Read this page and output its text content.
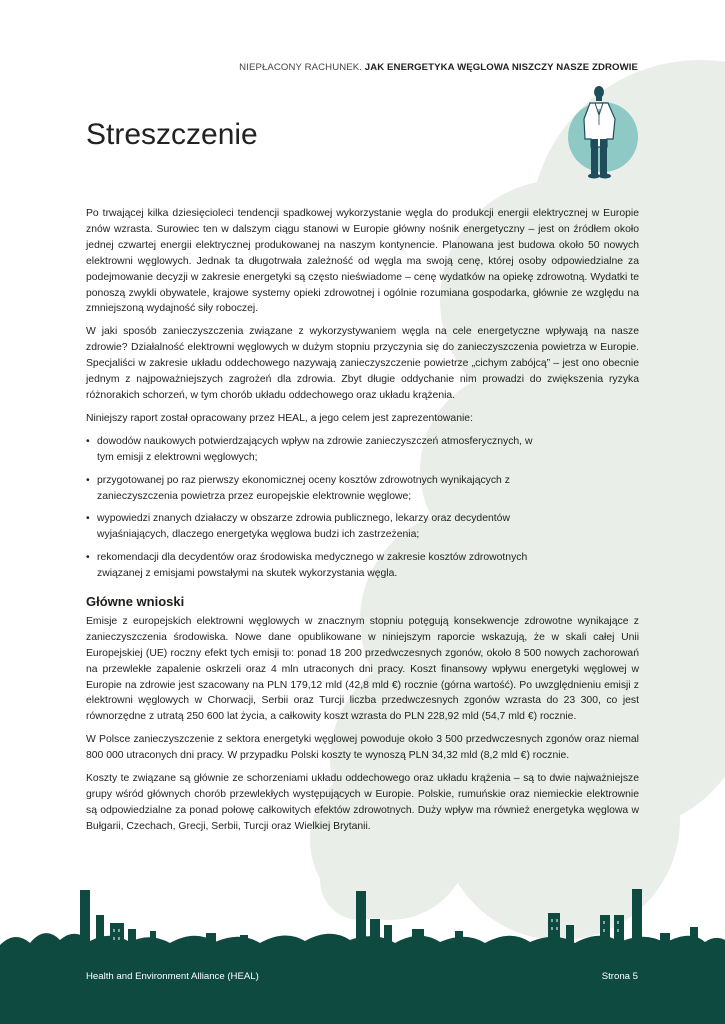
NIEPŁACONY RACHUNEK. JAK ENERGETYKA WĘGLOWA NISZCZY NASZE ZDROWIE
Streszczenie

Po trwającej kilka dziesięcioleci tendencji spadkowej wykorzystanie węgla do produkcji energii elektrycznej w Europie znów wzrasta. Surowiec ten w dalszym ciągu stanowi w Europie główny nośnik energetyczny – jest on źródłem około jednej czwartej energii elektrycznej produkowanej na naszym kontynencie. Planowana jest budowa około 50 nowych elektrowni węglowych. Jednak ta długotrwała zależność od węgla ma swoją cenę, której osoby odpowiedzialne za podejmowanie decyzji w zakresie energetyki są często nieświadome – cenę wydatków na opiekę zdrowotną. Wydatki te ponoszą zwykli obywatele, krajowe systemy opieki zdrowotnej i ogólnie rozumiana gospodarka, głównie ze względu na zmniejszoną wydajność siły roboczej.

W jaki sposób zanieczyszczenia związane z wykorzystywaniem węgla na cele energetyczne wpływają na nasze zdrowie? Działalność elektrowni węglowych w dużym stopniu przyczynia się do zanieczyszczenia powietrza w Europie. Specjaliści w zakresie układu oddechowego nazywają zanieczyszczenie powietrze „cichym zabójcą” – jest ono obecnie jednym z najpoważniejszych zagrożeń dla zdrowia. Zbyt długie oddychanie nim prowadzi do zwiększenia ryzyka różnorakich schorzeń, w tym chorób układu oddechowego oraz układu krążenia.

Niniejszy raport został opracowany przez HEAL, a jego celem jest zaprezentowanie:

• dowodów naukowych potwierdzających wpływ na zdrowie zanieczyszczeń atmosferycznych, w tym emisji z elektrowni węglowych;
• przygotowanej po raz pierwszy ekonomicznej oceny kosztów zdrowotnych wynikających z zanieczyszczenia powietrza przez europejskie elektrownie węglowe;
• wypowiedzi znanych działaczy w obszarze zdrowia publicznego, lekarzy oraz decydentów wyjaśniających, dlaczego energetyka węglowa budzi ich zastrzeżenia;
• rekomendacji dla decydentów oraz środowiska medycznego w zakresie kosztów zdrowotnych związanej z emisjami powstałymi na skutek wykorzystania węgla.
Główne wnioski

Emisje z europejskich elektrowni węglowych w znacznym stopniu potęgują konsekwencje zdrowotne wynikające z zanieczyszczenia środowiska. Nowe dane opublikowane w niniejszym raporcie wskazują, że w skali całej Unii Europejskiej (UE) roczny efekt tych emisji to: ponad 18 200 przedwczesnych zgonów, około 8 500 nowych zachorowań na przewlekłe zapalenie oskrzeli oraz 4 mln utraconych dni pracy. Koszt finansowy wpływu energetyki węglowej w Europie na zdrowie jest szacowany na PLN 179,12 mld (42,8 mld €) rocznie (górna wartość). Po uwzględnieniu emisji z elektrowni węglowych w Chorwacji, Serbii oraz Turcji liczba przedwczesnych zgonów wzrasta do 23 300, co jest równorzędne z utratą 250 600 lat życia, a całkowity koszt wzrasta do PLN 228,92 mld (54,7 mld €) rocznie.

W Polsce zanieczyszczenie z sektora energetyki węglowej powoduje około 3 500 przedwczesnych zgonów oraz niemal 800 000 utraconych dni pracy. W przypadku Polski koszty te wynoszą PLN 34,32 mld (8,2 mld €) rocznie.

Koszty te związane są głównie ze schorzeniami układu oddechowego oraz układu krążenia – są to dwie najważniejsze grupy wśród głównych chorób przewlekłych występujących w Europie. Polskie, rumuńskie oraz niemieckie elektrownie są odpowiedzialne za ponad połowę całkowitych efektów zdrowotnych. Duży wpływ ma również energetyka węglowa w Bułgarii, Czechach, Grecji, Serbii, Turcji oraz Wielkiej Brytanii.

Health and Environment Alliance (HEAL)	Strona 5
